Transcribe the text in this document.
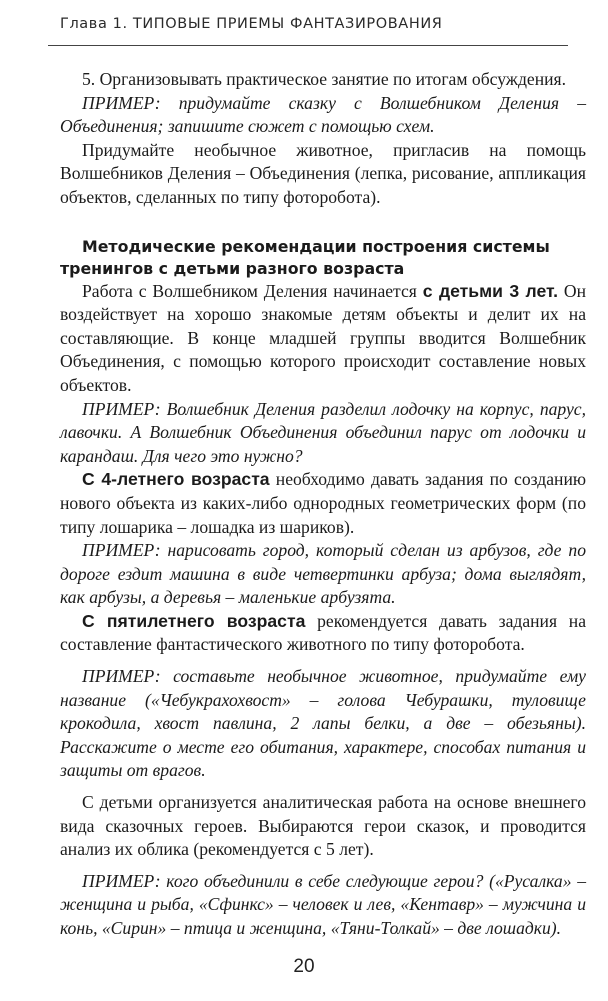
Глава 1. ТИПОВЫЕ ПРИЕМЫ ФАНТАЗИРОВАНИЯ

5. Организовывать практическое занятие по итогам обсуждения.

ПРИМЕР: придумайте сказку с Волшебником Деления – Объединения; запишите сюжет с помощью схем.

Придумайте необычное животное, пригласив на помощь Волшебников Деления – Объединения (лепка, рисование, аппликация объектов, сделанных по типу фоторобота).

Методические рекомендации построения системы тренингов с детьми разного возраста

Работа с Волшебником Деления начинается с детьми 3 лет. Он воздействует на хорошо знакомые детям объекты и делит их на составляющие. В конце младшей группы вводится Волшебник Объединения, с помощью которого происходит составление новых объектов.

ПРИМЕР: Волшебник Деления разделил лодочку на корпус, парус, лавочки. А Волшебник Объединения объединил парус от лодочки и карандаш. Для чего это нужно?

С 4-летнего возраста необходимо давать задания по созданию нового объекта из каких-либо однородных геометрических форм (по типу лошарика – лошадка из шариков).

ПРИМЕР: нарисовать город, который сделан из арбузов, где по дороге ездит машина в виде четвертинки арбуза; дома выглядят, как арбузы, а деревья – маленькие арбузята.

С пятилетнего возраста рекомендуется давать задания на составление фантастического животного по типу фоторобота.

ПРИМЕР: составьте необычное животное, придумайте ему название («Чебукрахохвост» – голова Чебурашки, туловище крокодила, хвост павлина, 2 лапы белки, а две – обезьяны). Расскажите о месте его обитания, характере, способах питания и защиты от врагов.

С детьми организуется аналитическая работа на основе внешнего вида сказочных героев. Выбираются герои сказок, и проводится анализ их облика (рекомендуется с 5 лет).

ПРИМЕР: кого объединили в себе следующие герои? («Русалка» – женщина и рыба, «Сфинкс» – человек и лев, «Кентавр» – мужчина и конь, «Сирин» – птица и женщина, «Тяни-Толкай» – две лошадки).

20
